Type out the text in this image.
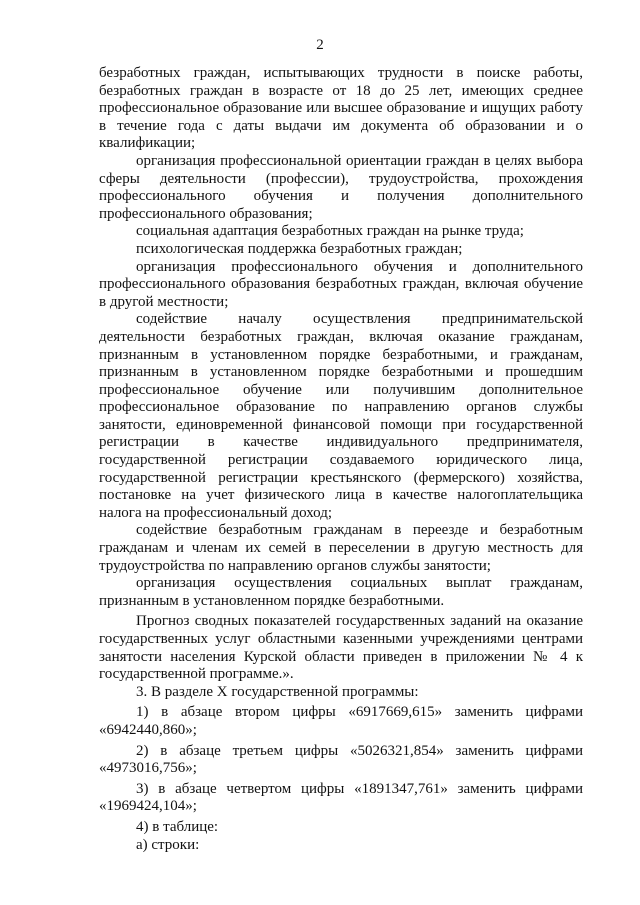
2

безработных граждан, испытывающих трудности в поиске работы, безработных граждан в возрасте от 18 до 25 лет, имеющих среднее профессиональное образование или высшее образование и ищущих работу в течение года с даты выдачи им документа об образовании и о квалификации;

организация профессиональной ориентации граждан в целях выбора сферы деятельности (профессии), трудоустройства, прохождения профессионального обучения и получения дополнительного профессионального образования;

социальная адаптация безработных граждан на рынке труда;

психологическая поддержка безработных граждан;

организация профессионального обучения и дополнительного профессионального образования безработных граждан, включая обучение в другой местности;

содействие началу осуществления предпринимательской деятельности безработных граждан, включая оказание гражданам, признанным в установленном порядке безработными, и гражданам, признанным в установленном порядке безработными и прошедшим профессиональное обучение или получившим дополнительное профессиональное образование по направлению органов службы занятости, единовременной финансовой помощи при государственной регистрации в качестве индивидуального предпринимателя, государственной регистрации создаваемого юридического лица, государственной регистрации крестьянского (фермерского) хозяйства, постановке на учет физического лица в качестве налогоплательщика налога на профессиональный доход;

содействие безработным гражданам в переезде и безработным гражданам и членам их семей в переселении в другую местность для трудоустройства по направлению органов службы занятости;

организация осуществления социальных выплат гражданам, признанным в установленном порядке безработными.

Прогноз сводных показателей государственных заданий на оказание государственных услуг областными казенными учреждениями центрами занятости населения Курской области приведен в приложении № 4 к государственной программе.».

3. В разделе X государственной программы:

1) в абзаце втором цифры «6917669,615» заменить цифрами «6942440,860»;

2) в абзаце третьем цифры «5026321,854» заменить цифрами «4973016,756»;

3) в абзаце четвертом цифры «1891347,761» заменить цифрами «1969424,104»;

4) в таблице:

а) строки:
